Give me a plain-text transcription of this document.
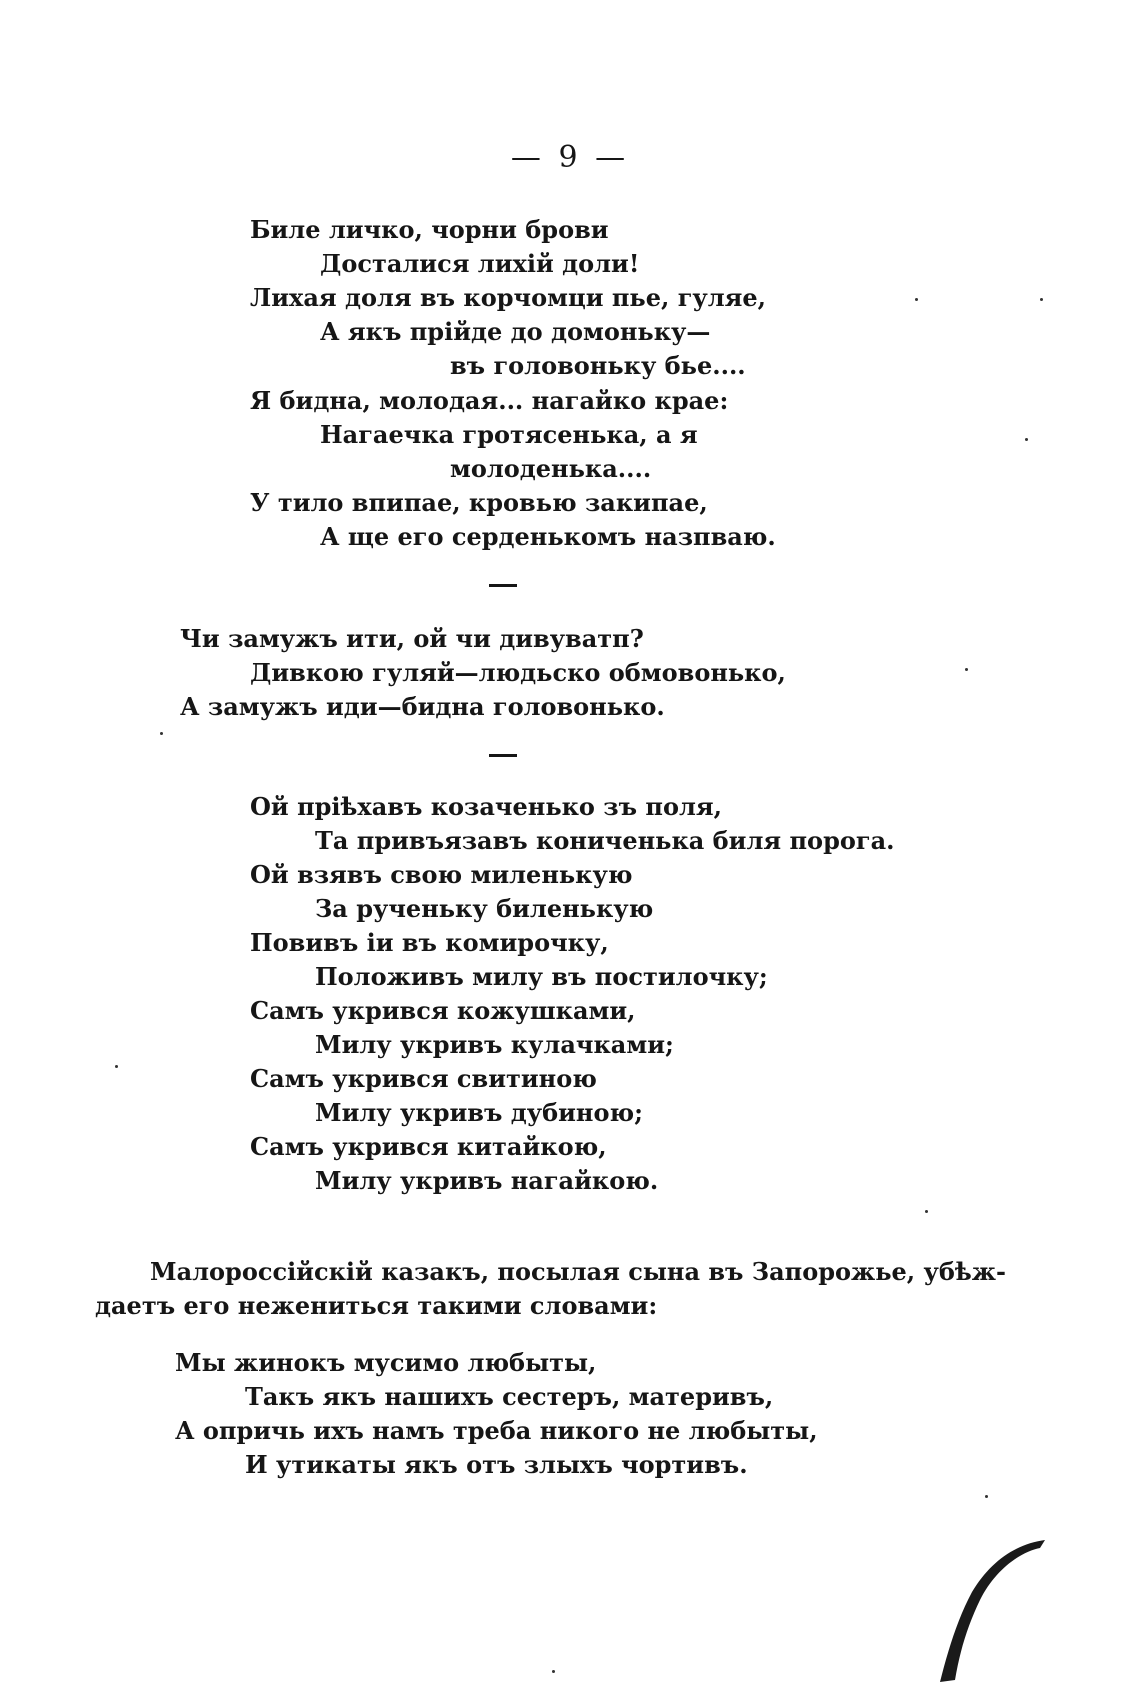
— 9 —
Биле личко, чорни брови
Досталися лихій доли!
Лихая доля въ корчомци пье, гуляе,
А якъ прійде до домоньку—
въ головоньку бье....
Я бидна, молодая... нагайко крае:
Нагаечка гротясенька, а я
молоденька....
У тило впипае, кровью закипае,
А ще его серденькомъ назпваю.
Чи замужъ ити, ой чи дивуватп?
Дивкою гуляй—людьско обмовонько,
А замужъ иди—бидна головонько.
Ой пріѣхавъ козаченько зъ поля,
Та привъязавъ кониченька биля порога.
Ой взявъ свою миленькую
За рученьку биленькую
Повивъ іи въ комирочку,
Положивъ милу въ постилочку;
Самъ укрився кожушками,
Милу укривъ кулачками;
Самъ укрився свитиною
Милу укривъ дубиною;
Самъ укрився китайкою,
Милу укривъ нагайкою.
Малороссійскій казакъ, посылая сына въ Запорожье, убѣж-
даетъ его нежениться такими словами:
Мы жинокъ мусимо любыты,
Такъ якъ нашихъ сестеръ, материвъ,
А опричь ихъ намъ треба никого не любыты,
И утикаты якъ отъ злыхъ чортивъ.
